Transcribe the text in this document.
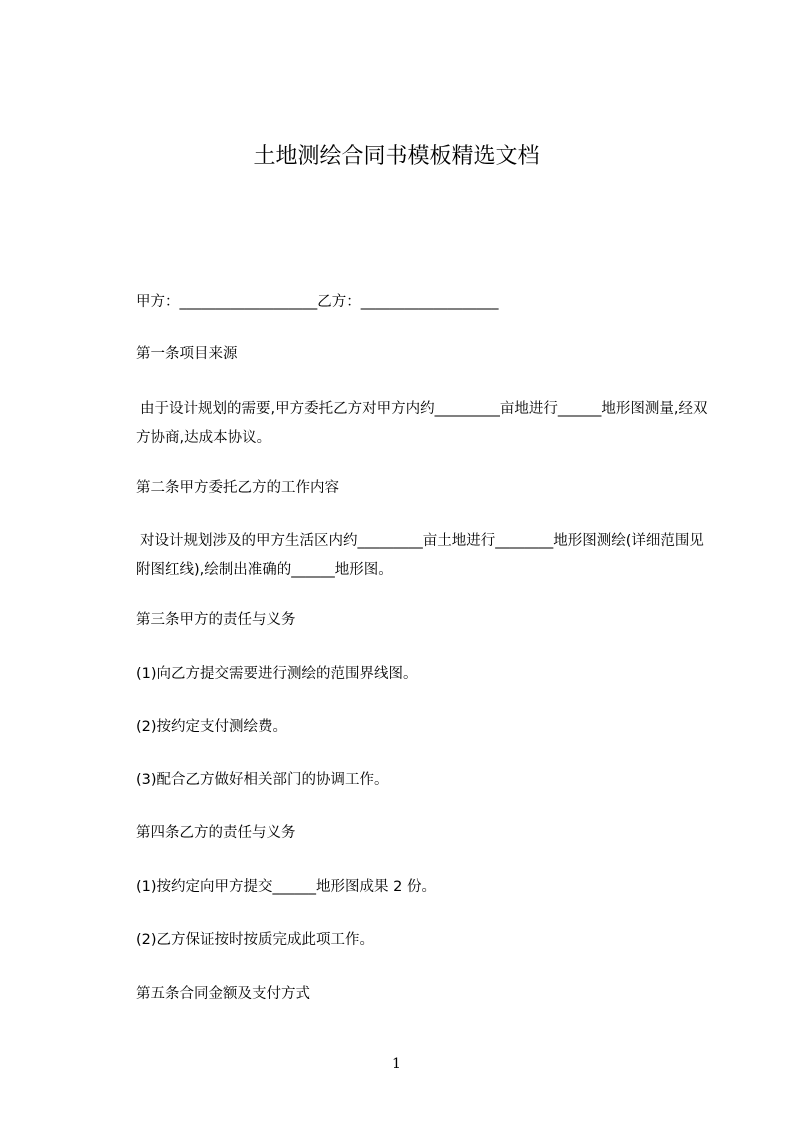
土地测绘合同书模板精选文档

甲方：___________________乙方：___________________

第一条项目来源

由于设计规划的需要,甲方委托乙方对甲方内约_________亩地进行______地形图测量,经双方协商,达成本协议。

第二条甲方委托乙方的工作内容

对设计规划涉及的甲方生活区内约_________亩土地进行________地形图测绘(详细范围见附图红线),绘制出准确的______地形图。

第三条甲方的责任与义务

(1)向乙方提交需要进行测绘的范围界线图。

(2)按约定支付测绘费。

(3)配合乙方做好相关部门的协调工作。

第四条乙方的责任与义务

(1)按约定向甲方提交______地形图成果 2 份。

(2)乙方保证按时按质完成此项工作。

第五条合同金额及支付方式

1
